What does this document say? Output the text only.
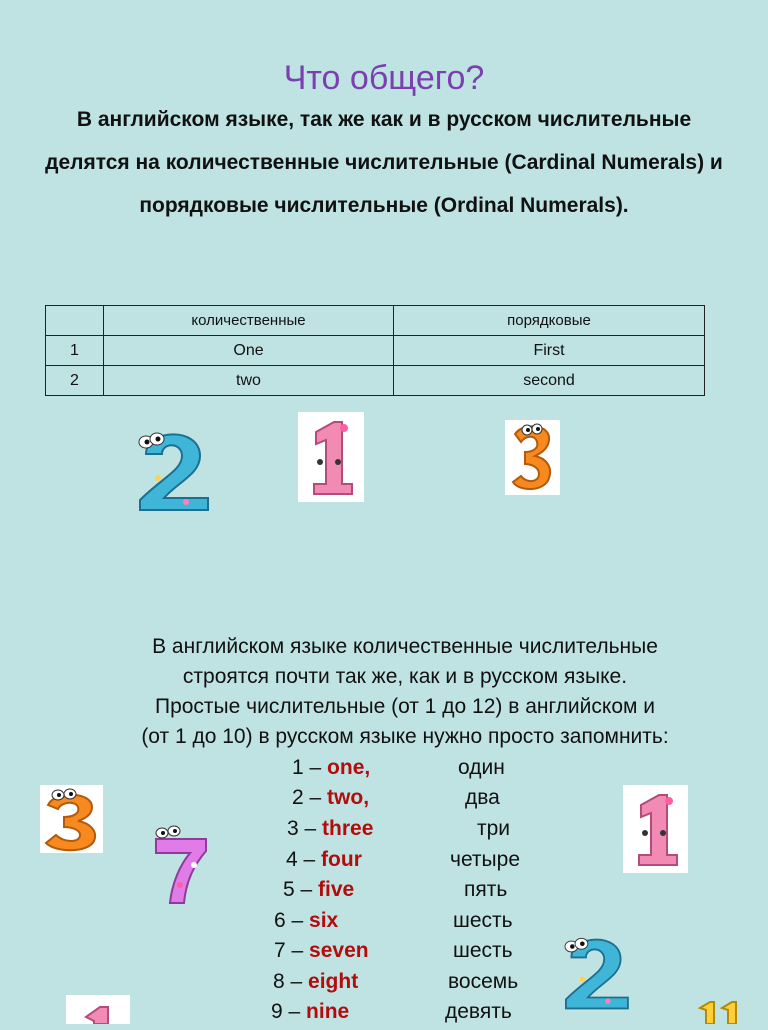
Что общего?
В английском языке, так же как и в русском числительные делятся на количественные числительные (Cardinal Numerals) и порядковые числительные (Ordinal Numerals).
	количественные	порядковые
1	One	First
2	two	second
В английском языке количественные числительные
строятся почти так же, как и в русском языке.
Простые числительные (от 1 до 12) в английском и
(от 1 до 10) в русском языке нужно просто запомнить:
1 – one,	один
2 – two,	два
3 – three	три
4 – four	четыре
5 – five	пять
6 – six	шесть
7 – seven	шесть
8 – eight	восемь
9 – nine	девять
